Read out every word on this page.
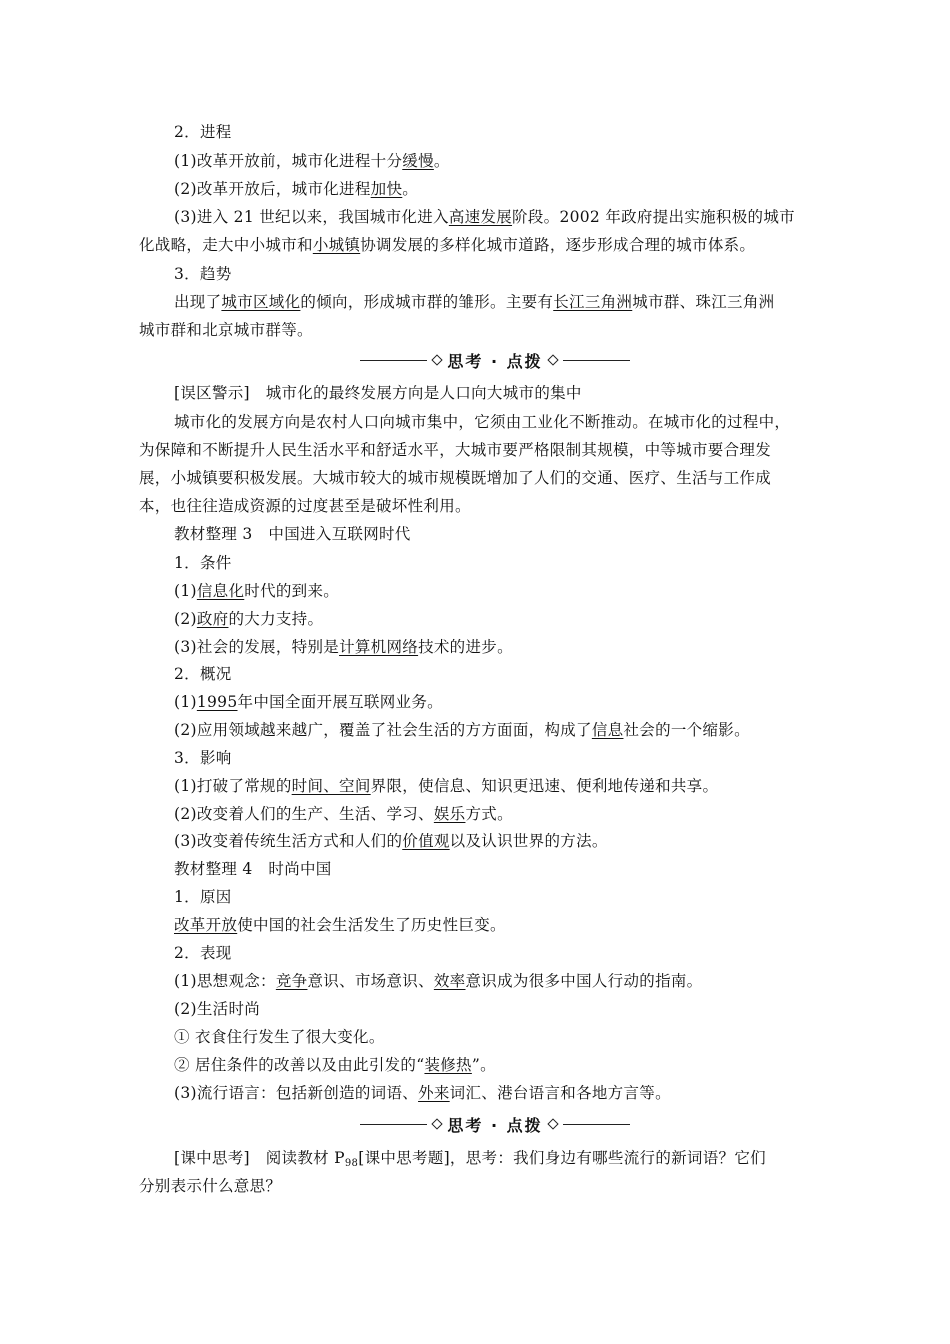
2．进程
(1)改革开放前，城市化进程十分缓慢。
(2)改革开放后，城市化进程加快。
(3)进入 21 世纪以来，我国城市化进入高速发展阶段。2002 年政府提出实施积极的城市
化战略，走大中小城市和小城镇协调发展的多样化城市道路，逐步形成合理的城市体系。
3．趋势
出现了城市区域化的倾向，形成城市群的雏形。主要有长江三角洲城市群、珠江三角洲
城市群和北京城市群等。
思考 · 点拨
[误区警示]　 城市化的最终发展方向是人口向大城市的集中
城市化的发展方向是农村人口向城市集中，它须由工业化不断推动。在城市化的过程中，
为保障和不断提升人民生活水平和舒适水平，大城市要严格限制其规模，中等城市要合理发
展，小城镇要积极发展。大城市较大的城市规模既增加了人们的交通、医疗、生活与工作成
本，也往往造成资源的过度甚至是破坏性利用。
教材整理 3　中国进入互联网时代
1．条件
(1)信息化时代的到来。
(2)政府的大力支持。
(3)社会的发展，特别是计算机网络技术的进步。
2．概况
(1)1995年中国全面开展互联网业务。
(2)应用领域越来越广，覆盖了社会生活的方方面面，构成了信息社会的一个缩影。
3．影响
(1)打破了常规的时间、空间界限，使信息、知识更迅速、便利地传递和共享。
(2)改变着人们的生产、生活、学习、娱乐方式。
(3)改变着传统生活方式和人们的价值观以及认识世界的方法。
教材整理 4　时尚中国
1．原因
改革开放使中国的社会生活发生了历史性巨变。
2．表现
(1)思想观念：竞争意识、市场意识、效率意识成为很多中国人行动的指南。
(2)生活时尚
① 衣食住行发生了很大变化。
② 居住条件的改善以及由此引发的“装修热”。
(3)流行语言：包括新创造的词语、外来词汇、港台语言和各地方言等。
思考 · 点拨
[课中思考]　 阅读教材 $P_{98}$[课中思考题]，思考：我们身边有哪些流行的新词语？它们
分别表示什么意思？
